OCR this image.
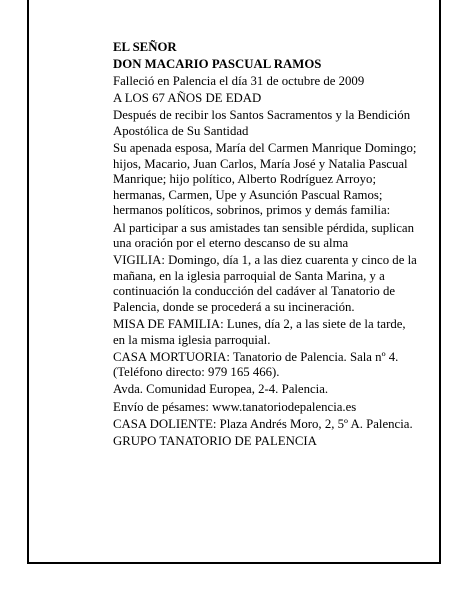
EL SEÑOR
DON MACARIO PASCUAL RAMOS
Falleció en Palencia el día 31 de octubre de 2009
A LOS 67 AÑOS DE EDAD
Después de recibir los Santos Sacramentos y la Bendición Apostólica de Su Santidad
Su apenada esposa, María del Carmen Manrique Domingo; hijos, Macario, Juan Carlos, María José y Natalia Pascual Manrique; hijo político, Alberto Rodríguez Arroyo; hermanas, Carmen, Upe y Asunción Pascual Ramos; hermanos políticos, sobrinos, primos y demás familia:
Al participar a sus amistades tan sensible pérdida, suplican una oración por el eterno descanso de su alma
VIGILIA: Domingo, día 1, a las diez cuarenta y cinco de la mañana, en la iglesia parroquial de Santa Marina, y a continuación la conducción del cadáver al Tanatorio de Palencia, donde se procederá a su incineración.
MISA DE FAMILIA: Lunes, día 2, a las siete de la tarde, en la misma iglesia parroquial.
CASA MORTUORIA: Tanatorio de Palencia. Sala nº 4. (Teléfono directo: 979 165 466).
Avda. Comunidad Europea, 2-4. Palencia.
Envío de pésames: www.tanatoriodepalencia.es
CASA DOLIENTE: Plaza Andrés Moro, 2, 5º A. Palencia.
GRUPO TANATORIO DE PALENCIA
